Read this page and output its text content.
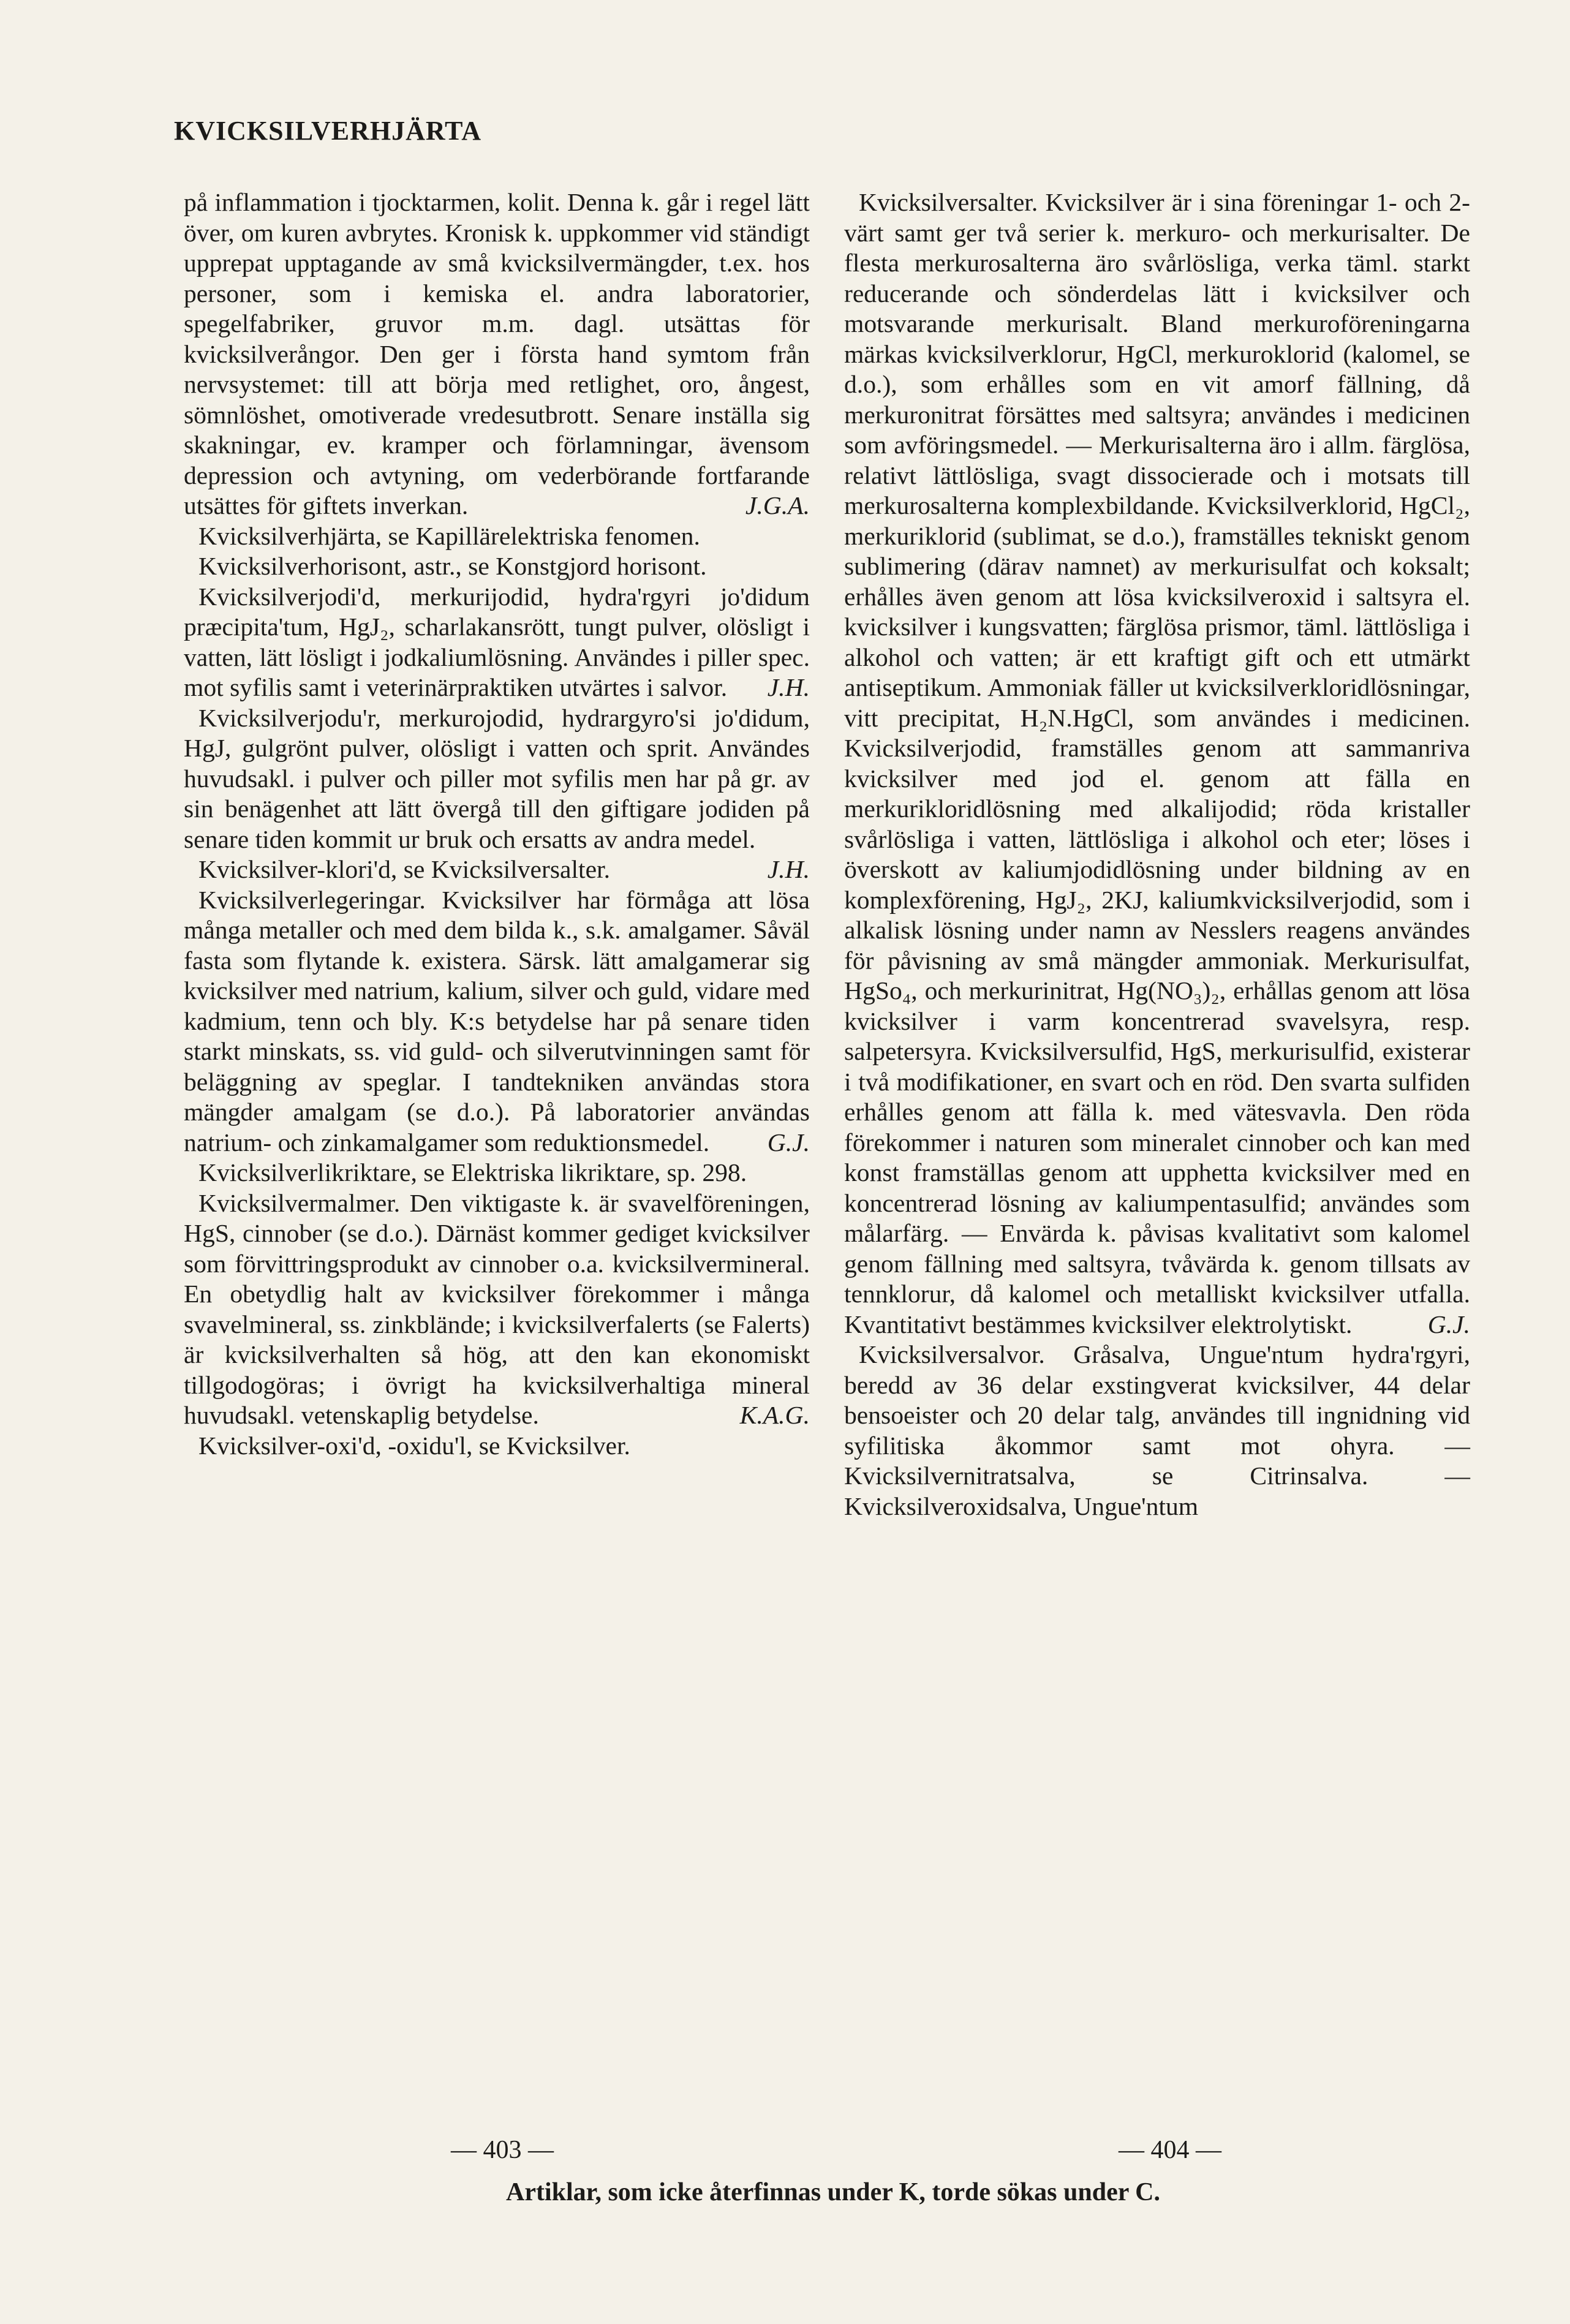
KVICKSILVERHJÄRTA

på inflammation i tjocktarmen, kolit. Denna k. går i regel lätt över, om kuren avbrytes. Kronisk k. uppkommer vid ständigt upprepat upptagande av små kvicksilvermängder, t.ex. hos personer, som i kemiska el. andra laboratorier, spegelfabriker, gruvor m.m. dagl. utsättas för kvicksilverångor. Den ger i första hand symtom från nervsystemet: till att börja med retlighet, oro, ångest, sömnlöshet, omotiverade vredesutbrott. Senare inställa sig skakningar, ev. kramper och förlamningar, ävensom depression och avtyning, om vederbörande fortfarande utsättes för giftets inverkan.	J.G.A.

Kvicksilverhjärta, se Kapillärelektriska fenomen.

Kvicksilverhorisont, astr., se Konstgjord horisont.

Kvicksilverjodi'd, merkurijodid, hydra'rgyri jo'didum præcipita'tum, HgJ₂, scharlakansrött, tungt pulver, olösligt i vatten, lätt lösligt i jodkaliumlösning. Användes i piller spec. mot syfilis samt i veterinärpraktiken utvärtes i salvor.	J.H.

Kvicksilverjodu'r, merkurojodid, hydrargyro'si jo'didum, HgJ, gulgrönt pulver, olösligt i vatten och sprit. Användes huvudsakl. i pulver och piller mot syfilis men har på gr. av sin benägenhet att lätt övergå till den giftigare jodiden på senare tiden kommit ur bruk och ersatts av andra medel.
J.H.

Kvicksilver-klori'd, se Kvicksilversalter.

Kvicksilverlegeringar. Kvicksilver har förmåga att lösa många metaller och med dem bilda k., s.k. amalgamer. Såväl fasta som flytande k. existera. Särsk. lätt amalgamerar sig kvicksilver med natrium, kalium, silver och guld, vidare med kadmium, tenn och bly. K:s betydelse har på senare tiden starkt minskats, ss. vid guld- och silverutvinningen samt för beläggning av speglar. I tandtekniken användas stora mängder amalgam (se d.o.). På laboratorier användas natrium- och zinkamalgamer som reduktionsmedel.	G.J.

Kvicksilverlikriktare, se Elektriska likriktare, sp. 298.

Kvicksilvermalmer. Den viktigaste k. är svavelföreningen, HgS, cinnober (se d.o.). Därnäst kommer gediget kvicksilver som förvittringsprodukt av cinnober o.a. kvicksilvermineral. En obetydlig halt av kvicksilver förekommer i många svavelmineral, ss. zinkblände; i kvicksilverfalerts (se Falerts) är kvicksilverhalten så hög, att den kan ekonomiskt tillgodogöras; i övrigt ha kvicksilverhaltiga mineral huvudsakl. vetenskaplig betydelse.	K.A.G.

Kvicksilver-oxi'd, -oxidu'l, se Kvicksilver.

Kvicksilversalter. Kvicksilver är i sina föreningar 1- och 2-värt samt ger två serier k. merkuro- och merkurisalter. De flesta merkurosalterna äro svårlösliga, verka täml. starkt reducerande och sönderdelas lätt i kvicksilver och motsvarande merkurisalt. Bland merkuroföreningarna märkas kvicksilverklorur, HgCl, merkuroklorid (kalomel, se d.o.), som erhålles som en vit amorf fällning, då merkuronitrat försättes med saltsyra; användes i medicinen som avföringsmedel. — Merkurisalterna äro i allm. färglösa, relativt lättlösliga, svagt dissocierade och i motsats till merkurosalterna komplexbildande. Kvicksilverklorid, HgCl₂, merkuriklorid (sublimat, se d.o.), framställes tekniskt genom sublimering (därav namnet) av merkurisulfat och koksalt; erhålles även genom att lösa kvicksilveroxid i saltsyra el. kvicksilver i kungsvatten; färglösa prismor, täml. lättlösliga i alkohol och vatten; är ett kraftigt gift och ett utmärkt antiseptikum. Ammoniak fäller ut kvicksilverkloridlösningar, vitt precipitat, H₂N.HgCl, som användes i medicinen. Kvicksilverjodid, framställes genom att sammanriva kvicksilver med jod el. genom att fälla en merkurikloridlösning med alkalijodid; röda kristaller svårlösliga i vatten, lättlösliga i alkohol och eter; löses i överskott av kaliumjodidlösning under bildning av en komplexförening, HgJ₂, 2KJ, kaliumkvicksilverjodid, som i alkalisk lösning under namn av Nesslers reagens användes för påvisning av små mängder ammoniak. Merkurisulfat, HgSo₄, och merkurinitrat, Hg(NO₃)₂, erhållas genom att lösa kvicksilver i varm koncentrerad svavelsyra, resp. salpetersyra. Kvicksilversulfid, HgS, merkurisulfid, existerar i två modifikationer, en svart och en röd. Den svarta sulfiden erhålles genom att fälla k. med vätesvavla. Den röda förekommer i naturen som mineralet cinnober och kan med konst framställas genom att upphetta kvicksilver med en koncentrerad lösning av kaliumpentasulfid; användes som målarfärg. — Envärda k. påvisas kvalitativt som kalomel genom fällning med saltsyra, tvåvärda k. genom tillsats av tennklorur, då kalomel och metalliskt kvicksilver utfalla. Kvantitativt bestämmes kvicksilver elektrolytiskt.	G.J.

Kvicksilversalvor. Gråsalva, Ungue'ntum hydra'rgyri, beredd av 36 delar exstingverat kvicksilver, 44 delar bensoeister och 20 delar talg, användes till ingnidning vid syfilitiska åkommor samt mot ohyra. — Kvicksilvernitratsalva, se Citrinsalva. — Kvicksilveroxidsalva, Ungue'ntum

— 403 —	— 404 —
Artiklar, som icke återfinnas under K, torde sökas under C.
